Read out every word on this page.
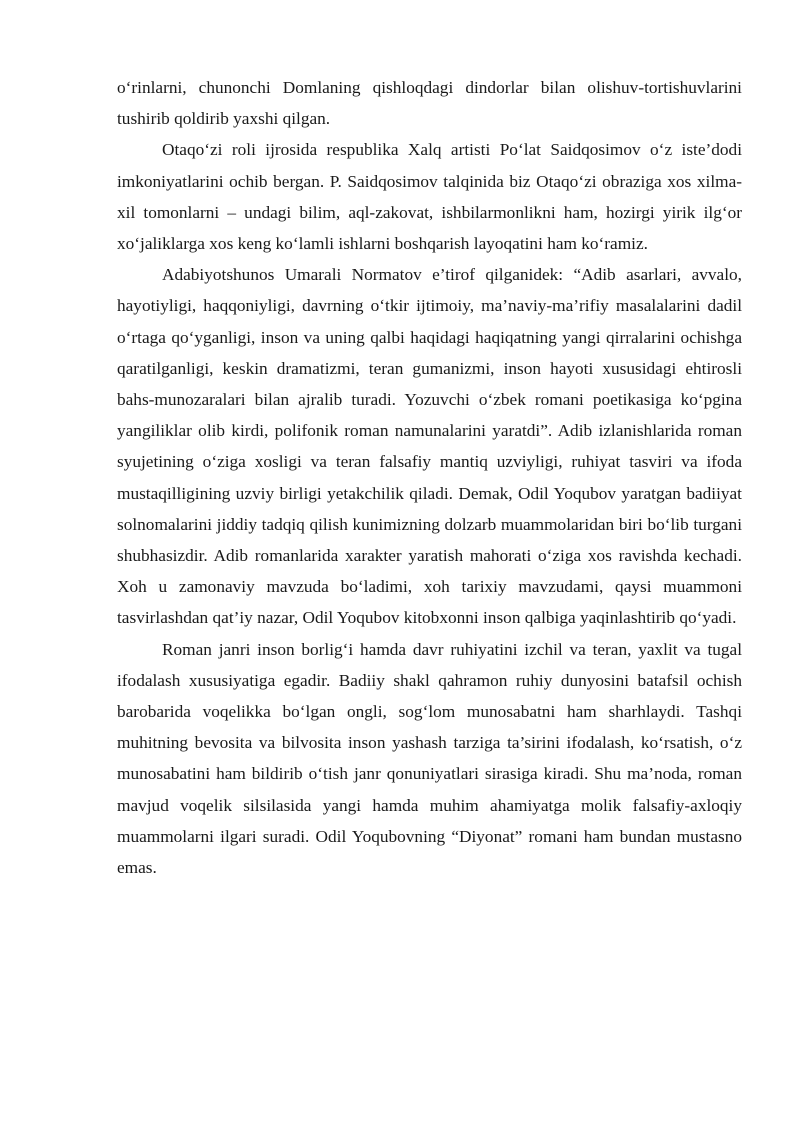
o‘rinlarni, chunonchi Domlaning qishloqdagi dindorlar bilan olishuv-tortishuvlarini tushirib qoldirib yaxshi qilgan.

Otaqo‘zi roli ijrosida respublika Xalq artisti Po‘lat Saidqosimov o‘z iste’dodi imkoniyatlarini ochib bergan. P. Saidqosimov talqinida biz Otaqo‘zi obraziga xos xilma-xil tomonlarni – undagi bilim, aql-zakovat, ishbilarmonlikni ham, hozirgi yirik ilg‘or xo‘jaliklarga xos keng ko‘lamli ishlarni boshqarish layoqatini ham ko‘ramiz.

Adabiyotshunos Umarali Normatov e’tirof qilganidek: “Adib asarlari, avvalo, hayotiyligi, haqqoniyligi, davrning o‘tkir ijtimoiy, ma’naviy-ma’rifiy masalalarini dadil o‘rtaga qo‘yganligi, inson va uning qalbi haqidagi haqiqatning yangi qirralarini ochishga qaratilganligi, keskin dramatizmi, teran gumanizmi, inson hayoti xususidagi ehtirosli bahs-munozaralari bilan ajralib turadi. Yozuvchi o‘zbek romani poetikasiga ko‘pgina yangiliklar olib kirdi, polifonik roman namunalarini yaratdi”. Adib izlanishlarida roman syujetining o‘ziga xosligi va teran falsafiy mantiq uzviyligi, ruhiyat tasviri va ifoda mustaqilligining uzviy birligi yetakchilik qiladi. Demak, Odil Yoqubov yaratgan badiiyat solnomalarini jiddiy tadqiq qilish kunimizning dolzarb muammolaridan biri bo‘lib turgani shubhasizdir. Adib romanlarida xarakter yaratish mahorati o‘ziga xos ravishda kechadi. Xoh u zamonaviy mavzuda bo‘ladimi, xoh tarixiy mavzudami, qaysi muammoni tasvirlashdan qat’iy nazar, Odil Yoqubov kitobxonni inson qalbiga yaqinlashtirib qo‘yadi.

Roman janri inson borlig‘i hamda davr ruhiyatini izchil va teran, yaxlit va tugal ifodalash xususiyatiga egadir. Badiiy shakl qahramon ruhiy dunyosini batafsil ochish barobarida voqelikka bo‘lgan ongli, sog‘lom munosabatni ham sharhlaydi. Tashqi muhitning bevosita va bilvosita inson yashash tarziga ta’sirini ifodalash, ko‘rsatish, o‘z munosabatini ham bildirib o‘tish janr qonuniyatlari sirasiga kiradi. Shu ma’noda, roman mavjud voqelik silsilasida yangi hamda muhim ahamiyatga molik falsafiy-axloqiy muammolarni ilgari suradi. Odil Yoqubovning “Diyonat” romani ham bundan mustasno emas.
